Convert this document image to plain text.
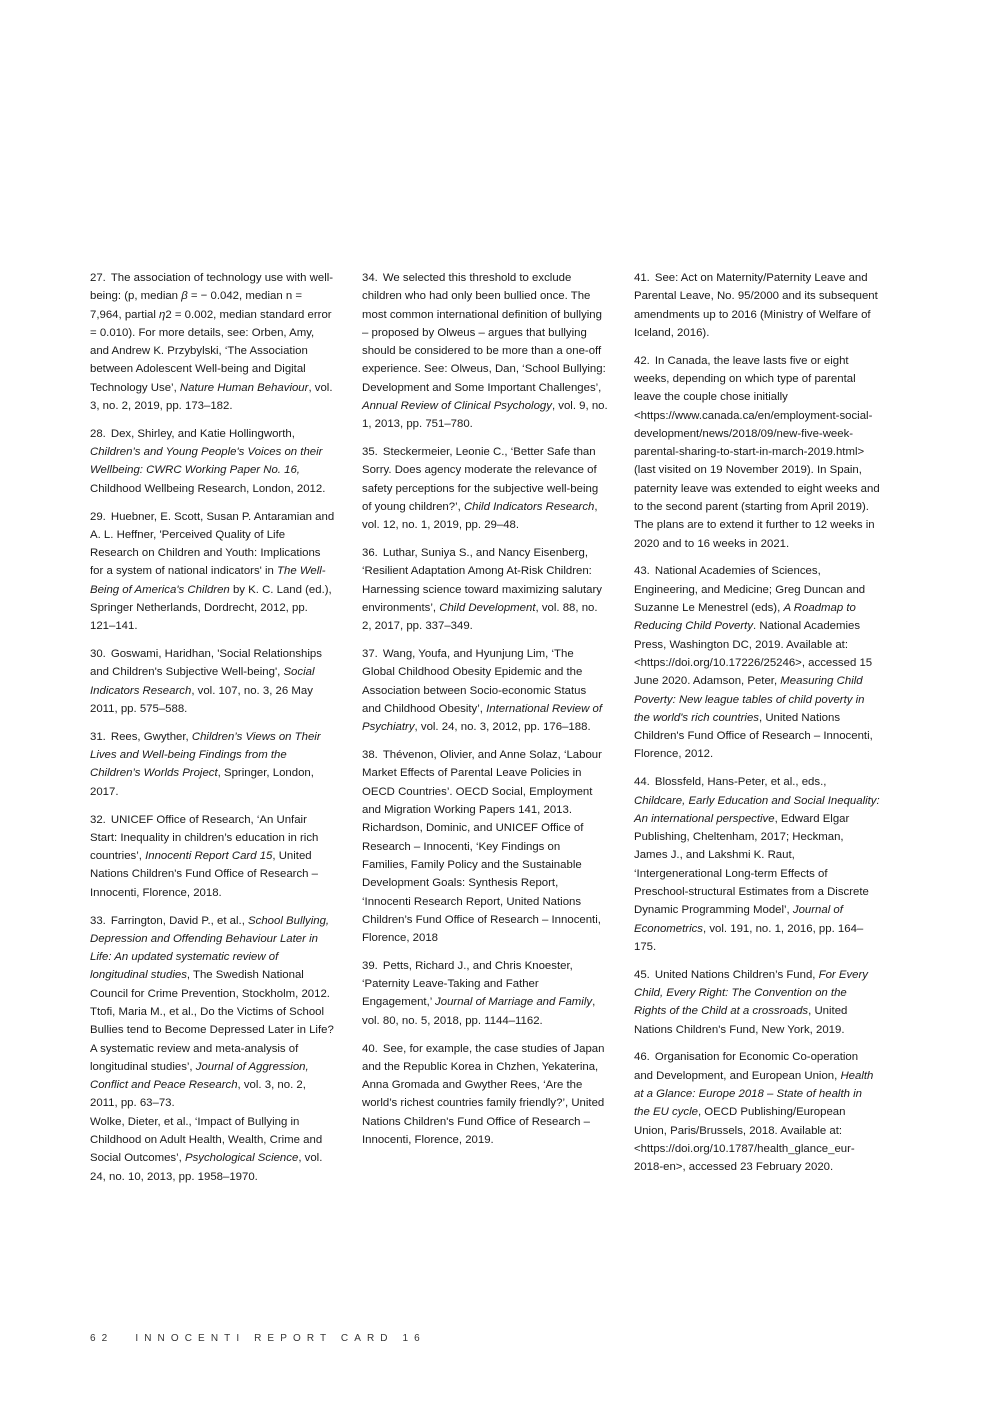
27. The association of technology use with well-being: (p, median β = − 0.042, median n = 7,964, partial η2 = 0.002, median standard error = 0.010). For more details, see: Orben, Amy, and Andrew K. Przybylski, ‘The Association between Adolescent Well-being and Digital Technology Use’, Nature Human Behaviour, vol. 3, no. 2, 2019, pp. 173–182.

28. Dex, Shirley, and Katie Hollingworth, Children’s and Young People's Voices on their Wellbeing: CWRC Working Paper No. 16, Childhood Wellbeing Research, London, 2012.

29. Huebner, E. Scott, Susan P. Antaramian and A. L. Heffner, 'Perceived Quality of Life Research on Children and Youth: Implications for a system of national indicators' in The Well-Being of America's Children by K. C. Land (ed.), Springer Netherlands, Dordrecht, 2012, pp. 121–141.

30. Goswami, Haridhan, 'Social Relationships and Children's Subjective Well-being', Social Indicators Research, vol. 107, no. 3, 26 May 2011, pp. 575–588.

31. Rees, Gwyther, Children’s Views on Their Lives and Well-being Findings from the Children’s Worlds Project, Springer, London, 2017.

32. UNICEF Office of Research, ‘An Unfair Start: Inequality in children’s education in rich countries’, Innocenti Report Card 15, United Nations Children's Fund Office of Research – Innocenti, Florence, 2018.

33. Farrington, David P., et al., School Bullying, Depression and Offending Behaviour Later in Life: An updated systematic review of longitudinal studies, The Swedish National Council for Crime Prevention, Stockholm, 2012.

Ttofi, Maria M., et al., Do the Victims of School Bullies tend to Become Depressed Later in Life? A systematic review and meta-analysis of longitudinal studies’, Journal of Aggression, Conflict and Peace Research, vol. 3, no. 2, 2011, pp. 63–73.

Wolke, Dieter, et al., ‘Impact of Bullying in Childhood on Adult Health, Wealth, Crime and Social Outcomes’, Psychological Science, vol. 24, no. 10, 2013, pp. 1958–1970.

34. We selected this threshold to exclude children who had only been bullied once. The most common international definition of bullying – proposed by Olweus – argues that bullying should be considered to be more than a one-off experience. See: Olweus, Dan, ‘School Bullying: Development and Some Important Challenges’, Annual Review of Clinical Psychology, vol. 9, no. 1, 2013, pp. 751–780.

35. Steckermeier, Leonie C., ‘Better Safe than Sorry. Does agency moderate the relevance of safety perceptions for the subjective well-being of young children?’, Child Indicators Research, vol. 12, no. 1, 2019, pp. 29–48.

36. Luthar, Suniya S., and Nancy Eisenberg, ‘Resilient Adaptation Among At-Risk Children: Harnessing science toward maximizing salutary environments’, Child Development, vol. 88, no. 2, 2017, pp. 337–349.

37. Wang, Youfa, and Hyunjung Lim, ‘The Global Childhood Obesity Epidemic and the Association between Socio-economic Status and Childhood Obesity’, International Review of Psychiatry, vol. 24, no. 3, 2012, pp. 176–188.

38. Thévenon, Olivier, and Anne Solaz, ‘Labour Market Effects of Parental Leave Policies in OECD Countries’. OECD Social, Employment and Migration Working Papers 141, 2013. Richardson, Dominic, and UNICEF Office of Research – Innocenti, ‘Key Findings on Families, Family Policy and the Sustainable Development Goals: Synthesis Report, ‘Innocenti Research Report, United Nations Children’s Fund Office of Research – Innocenti, Florence, 2018

39. Petts, Richard J., and Chris Knoester, ‘Paternity Leave-Taking and Father Engagement,’ Journal of Marriage and Family, vol. 80, no. 5, 2018, pp. 1144–1162.

40. See, for example, the case studies of Japan and the Republic Korea in Chzhen, Yekaterina, Anna Gromada and Gwyther Rees, ‘Are the world’s richest countries family friendly?’, United Nations Children's Fund Office of Research – Innocenti, Florence, 2019.

41. See: Act on Maternity/Paternity Leave and Parental Leave, No. 95/2000 and its subsequent amendments up to 2016 (Ministry of Welfare of Iceland, 2016).

42. In Canada, the leave lasts five or eight weeks, depending on which type of parental leave the couple chose initially <https://www.canada.ca/en/employment-social-development/news/2018/09/new-five-week-parental-sharing-to-start-in-march-2019.html> (last visited on 19 November 2019). In Spain, paternity leave was extended to eight weeks and to the second parent (starting from April 2019). The plans are to extend it further to 12 weeks in 2020 and to 16 weeks in 2021.

43. National Academies of Sciences, Engineering, and Medicine; Greg Duncan and Suzanne Le Menestrel (eds), A Roadmap to Reducing Child Poverty. National Academies Press, Washington DC, 2019. Available at: <https://doi.org/10.17226/25246>, accessed 15 June 2020. Adamson, Peter, Measuring Child Poverty: New league tables of child poverty in the world's rich countries, United Nations Children's Fund Office of Research – Innocenti, Florence, 2012.

44. Blossfeld, Hans-Peter, et al., eds., Childcare, Early Education and Social Inequality: An international perspective, Edward Elgar Publishing, Cheltenham, 2017; Heckman, James J., and Lakshmi K. Raut, ‘Intergenerational Long-term Effects of Preschool-structural Estimates from a Discrete Dynamic Programming Model’, Journal of Econometrics, vol. 191, no. 1, 2016, pp. 164–175.

45. United Nations Children’s Fund, For Every Child, Every Right: The Convention on the Rights of the Child at a crossroads, United Nations Children's Fund, New York, 2019.

46. Organisation for Economic Co-operation and Development, and European Union, Health at a Glance: Europe 2018 – State of health in the EU cycle, OECD Publishing/European Union, Paris/Brussels, 2018. Available at: <https://doi.org/10.1787/health_glance_eur-2018-en>, accessed 23 February 2020.

62 INNOCENTI REPORT CARD 16
